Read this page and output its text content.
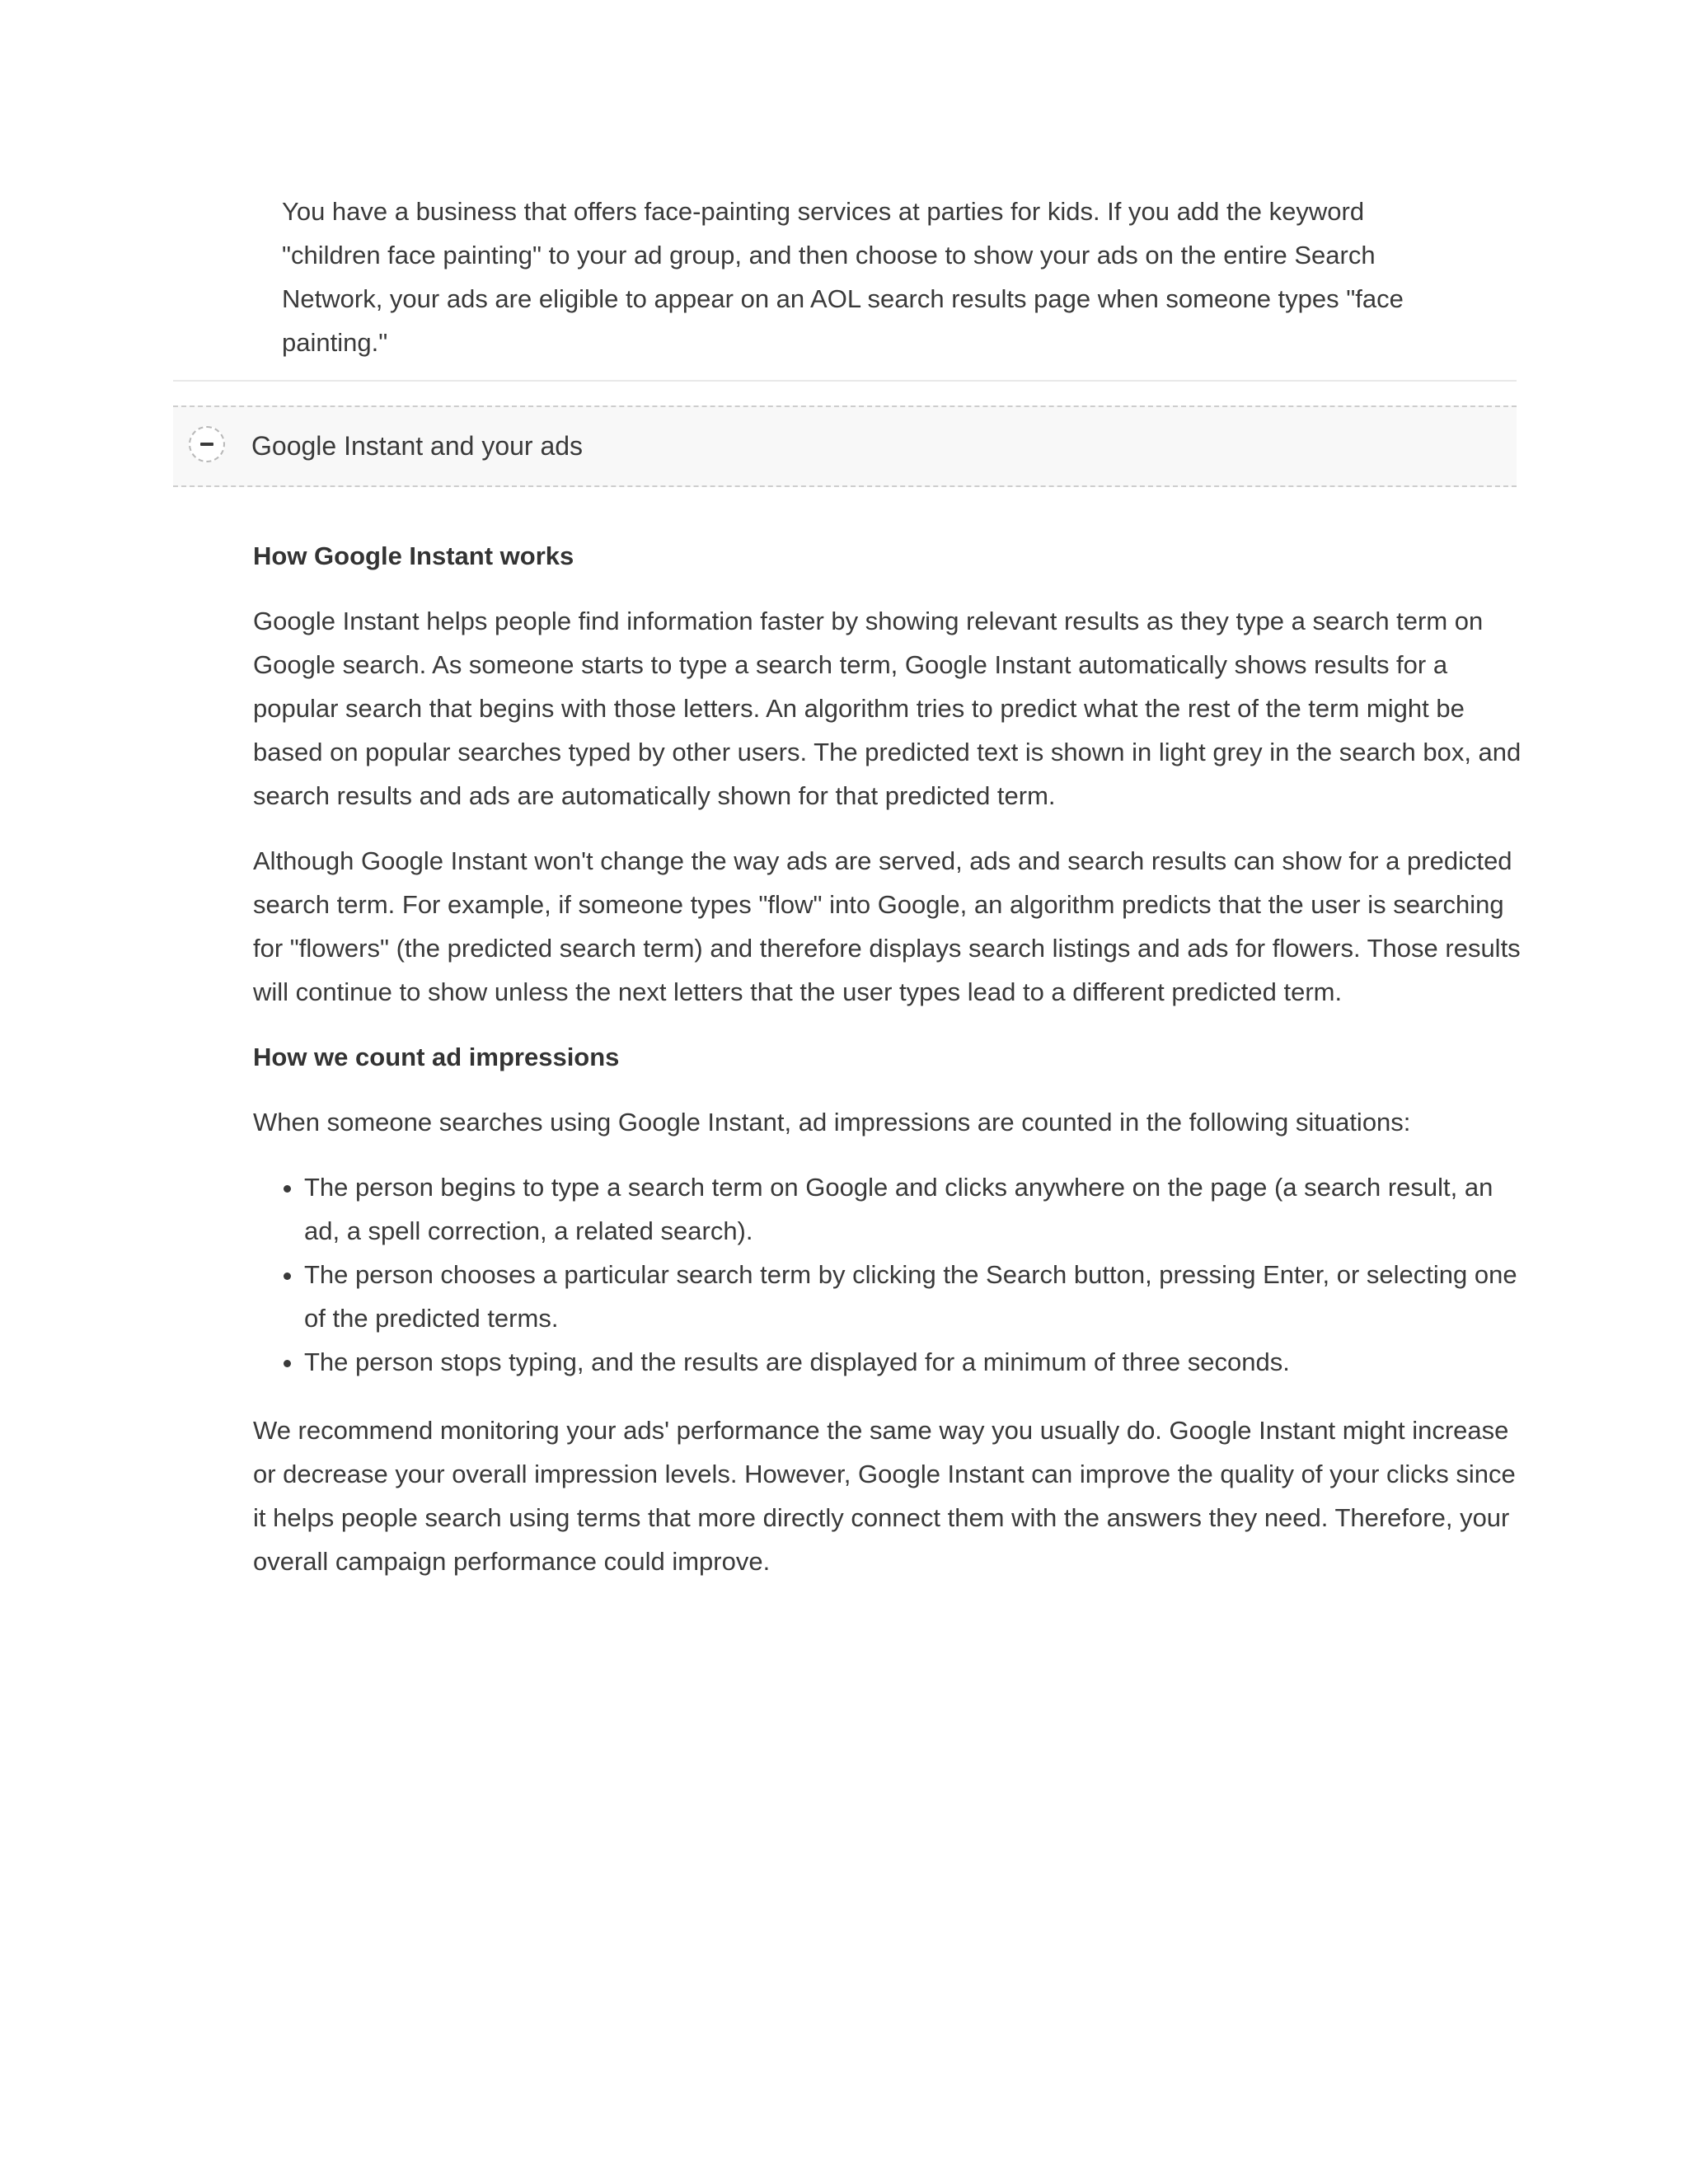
You have a business that offers face-painting services at parties for kids. If you add the keyword "children face painting" to your ad group, and then choose to show your ads on the entire Search Network, your ads are eligible to appear on an AOL search results page when someone types "face painting."
Google Instant and your ads
How Google Instant works

Google Instant helps people find information faster by showing relevant results as they type a search term on Google search. As someone starts to type a search term, Google Instant automatically shows results for a popular search that begins with those letters. An algorithm tries to predict what the rest of the term might be based on popular searches typed by other users. The predicted text is shown in light grey in the search box, and search results and ads are automatically shown for that predicted term.

Although Google Instant won't change the way ads are served, ads and search results can show for a predicted search term. For example, if someone types "flow" into Google, an algorithm predicts that the user is searching for "flowers" (the predicted search term) and therefore displays search listings and ads for flowers. Those results will continue to show unless the next letters that the user types lead to a different predicted term.

How we count ad impressions

When someone searches using Google Instant, ad impressions are counted in the following situations:

• The person begins to type a search term on Google and clicks anywhere on the page (a search result, an ad, a spell correction, a related search).
• The person chooses a particular search term by clicking the Search button, pressing Enter, or selecting one of the predicted terms.
• The person stops typing, and the results are displayed for a minimum of three seconds.

We recommend monitoring your ads' performance the same way you usually do. Google Instant might increase or decrease your overall impression levels. However, Google Instant can improve the quality of your clicks since it helps people search using terms that more directly connect them with the answers they need. Therefore, your overall campaign performance could improve.
